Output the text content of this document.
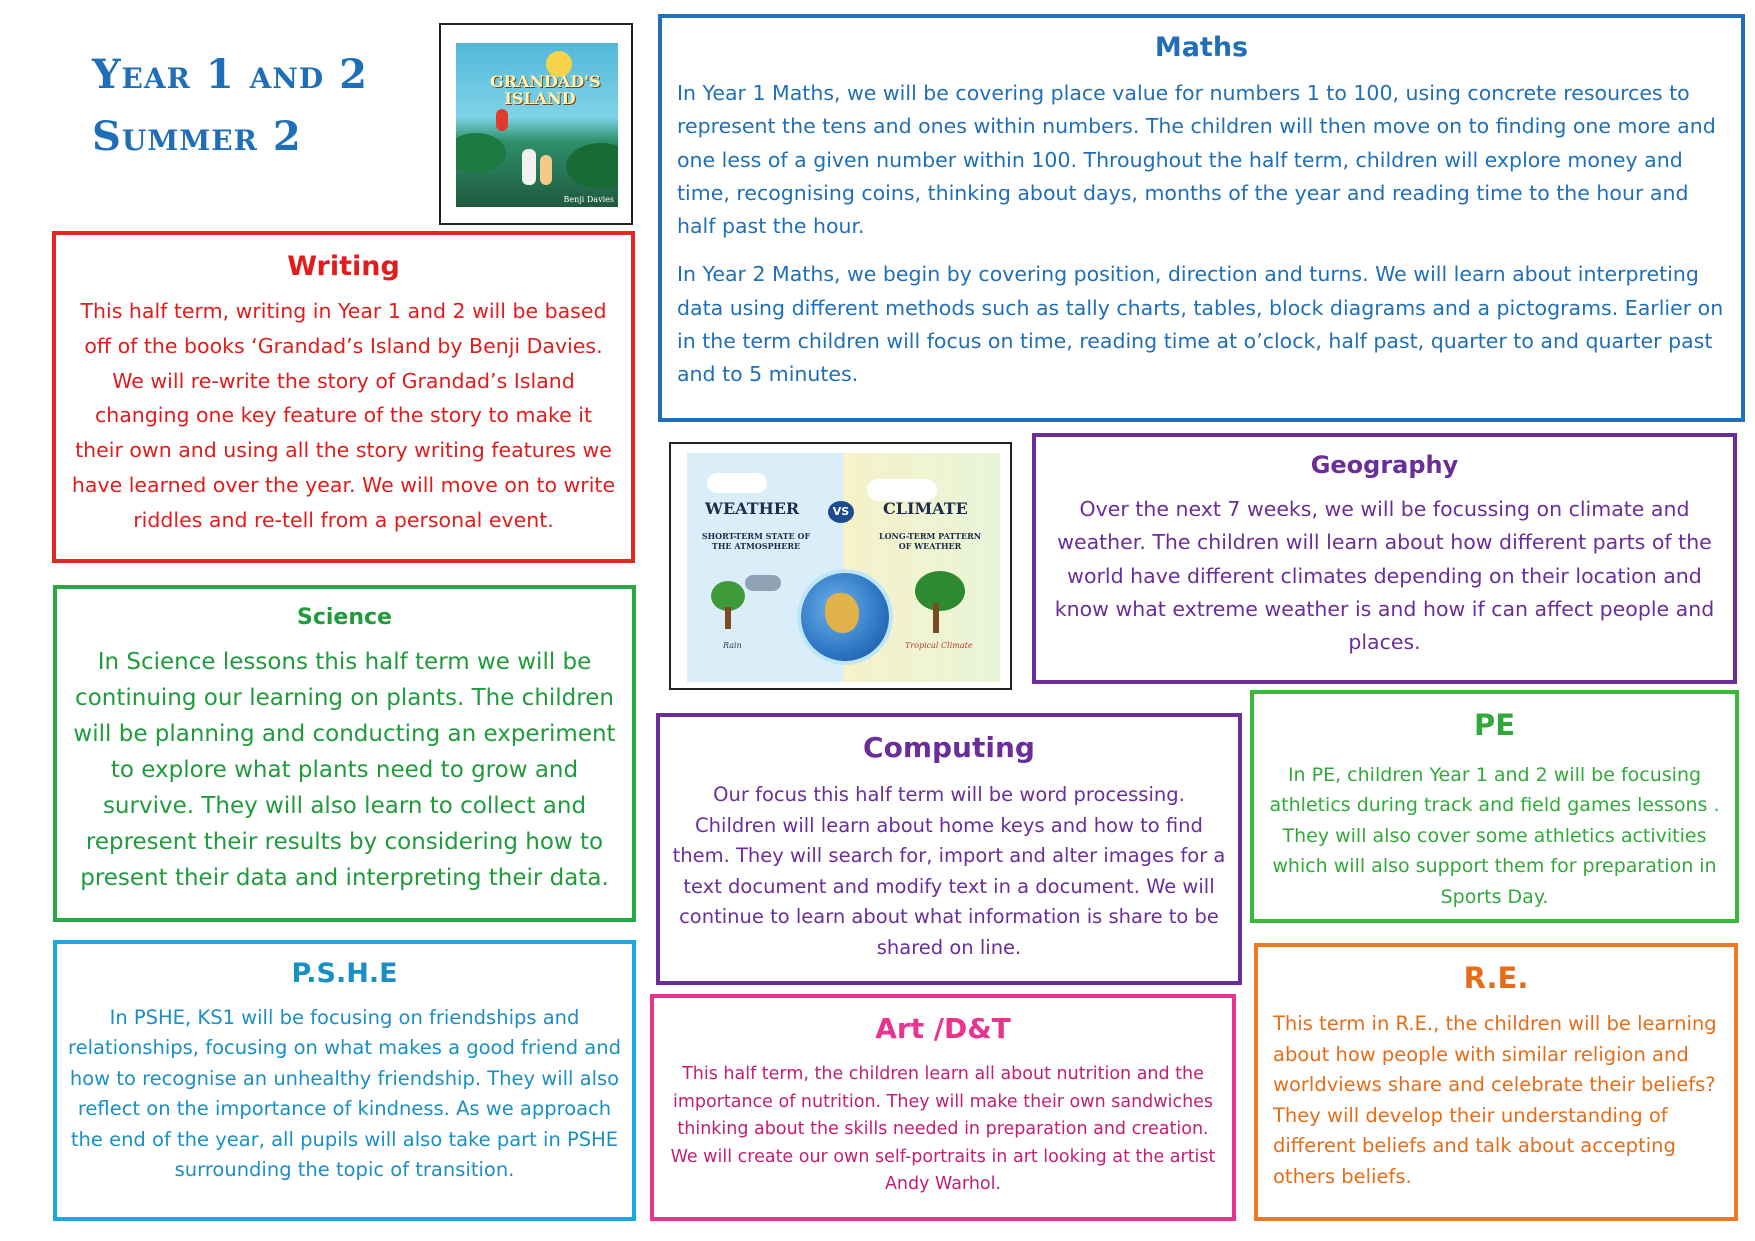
Year 1 and 2
Summer 2
GRANDAD'S ISLAND
Benji Davies
Maths

In Year 1 Maths, we will be covering place value for numbers 1 to 100, using concrete resources to represent the tens and ones within numbers. The children will then move on to finding one more and one less of a given number within 100. Throughout the half term, children will explore money and time, recognising coins, thinking about days, months of the year and reading time to the hour and half past the hour.

In Year 2 Maths, we begin by covering position, direction and turns. We will learn about interpreting data using different methods such as tally charts, tables, block diagrams and a pictograms. Earlier on in the term children will focus on time, reading time at o’clock, half past, quarter to and quarter past and to 5 minutes.

Writing

This half term, writing in Year 1 and 2 will be based off of the books ‘Grandad’s Island by Benji Davies. We will re-write the story of Grandad’s Island changing one key feature of the story to make it their own and using all the story writing features we have learned over the year. We will move on to write riddles and re-tell from a personal event.	WEATHER	VS CLIMATE
SHORT-TERM STATE OF THE ATMOSPHERE
LONG-TERM PATTERN OF WEATHER
Rain	Tropical Climate
Geography

Over the next 7 weeks, we will be focussing on climate and weather. The children will learn about how different parts of the world have different climates depending on their location and know what extreme weather is and how if can affect people and places.

Science

In Science lessons this half term we will be continuing our learning on plants. The children will be planning and conducting an experiment to explore what plants need to grow and survive. They will also learn to collect and represent their results by considering how to present their data and interpreting their data.

Computing

Our focus this half term will be word processing. Children will learn about home keys and how to find them. They will search for, import and alter images for a text document and modify text in a document. We will continue to learn about what information is share to be shared on line.

PE

In PE, children Year 1 and 2 will be focusing athletics during track and field games lessons . They will also cover some athletics activities which will also support them for preparation in Sports Day.

P.S.H.E

In PSHE, KS1 will be focusing on friendships and relationships, focusing on what makes a good friend and how to recognise an unhealthy friendship. They will also reflect on the importance of kindness. As we approach the end of the year, all pupils will also take part in PSHE surrounding the topic of transition.

Art /D&T

This half term, the children learn all about nutrition and the importance of nutrition. They will make their own sandwiches thinking about the skills needed in preparation and creation. We will create our own self-portraits in art looking at the artist Andy Warhol.

R.E.

This term in R.E., the children will be learning about how people with similar religion and worldviews share and celebrate their beliefs? They will develop their understanding of different beliefs and talk about accepting others beliefs.
